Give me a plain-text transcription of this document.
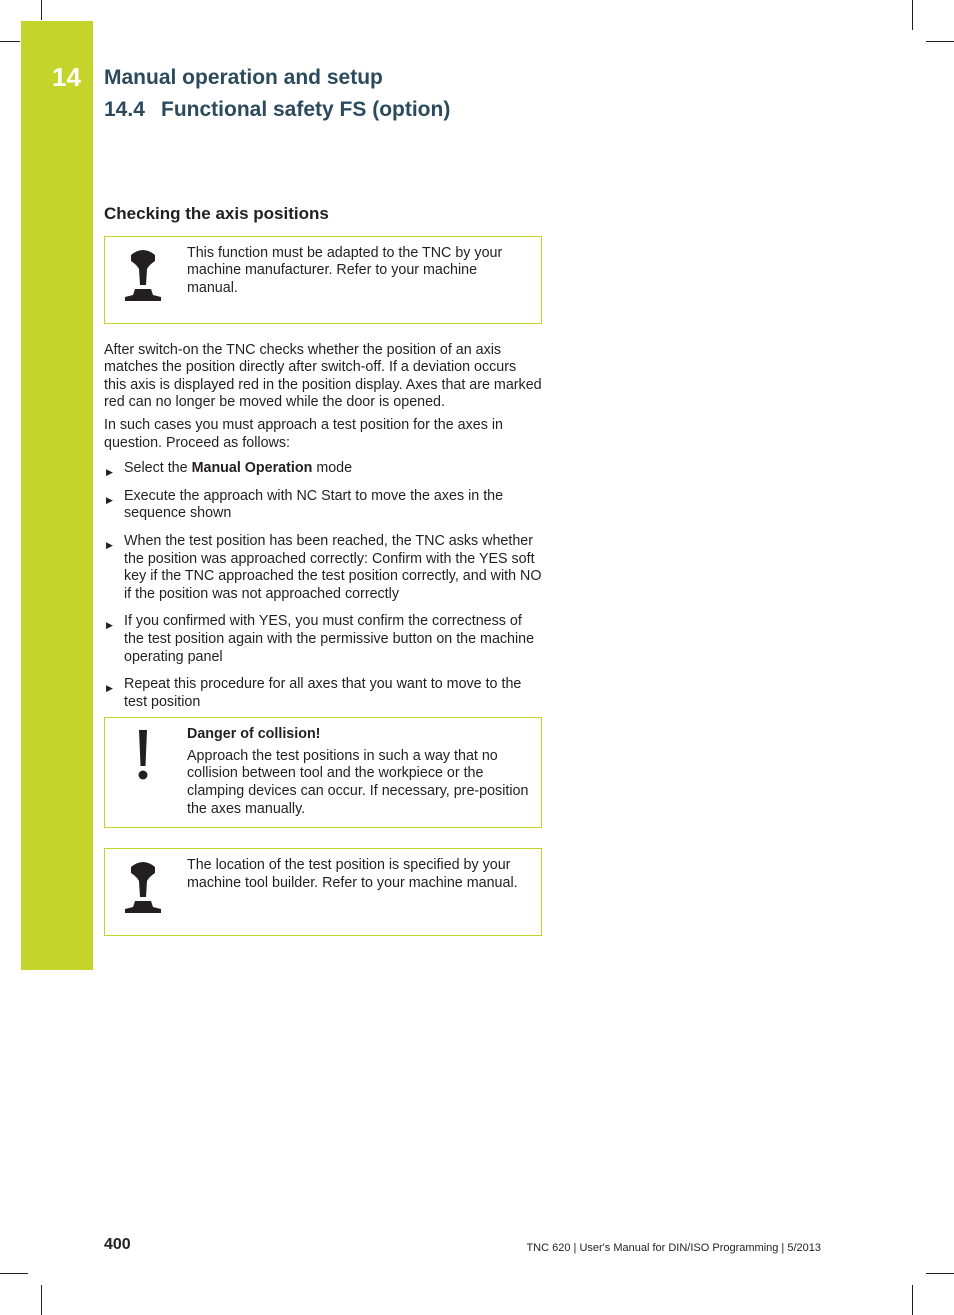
14 Manual operation and setup
14.4 Functional safety FS (option)
Checking the axis positions

This function must be adapted to the TNC by your machine manufacturer. Refer to your machine manual.

After switch-on the TNC checks whether the position of an axis matches the position directly after switch-off. If a deviation occurs this axis is displayed red in the position display. Axes that are marked red can no longer be moved while the door is opened.

In such cases you must approach a test position for the axes in question. Proceed as follows:

▶ Select the Manual Operation mode
▶ Execute the approach with NC Start to move the axes in the sequence shown
▶ When the test position has been reached, the TNC asks whether the position was approached correctly: Confirm with the YES soft key if the TNC approached the test position correctly, and with NO if the position was not approached correctly
▶ If you confirmed with YES, you must confirm the correctness of the test position again with the permissive button on the machine operating panel
▶ Repeat this procedure for all axes that you want to move to the test position

Danger of collision!

Approach the test positions in such a way that no collision between tool and the workpiece or the clamping devices can occur. If necessary, pre-position the axes manually.

The location of the test position is specified by your machine tool builder. Refer to your machine manual.

400	TNC 620 | User's Manual for DIN/ISO Programming | 5/2013
